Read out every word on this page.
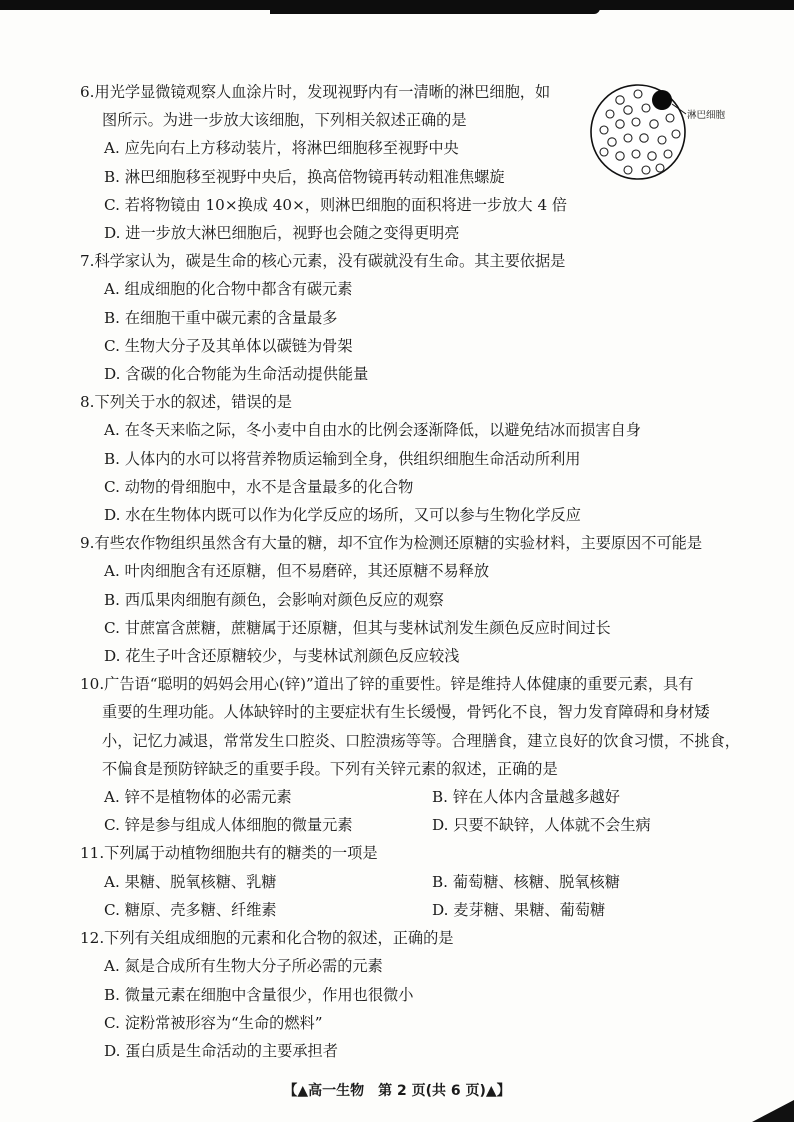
淋巴细胞
6. 用光学显微镜观察人血涂片时，发现视野内有一清晰的淋巴细胞，如
图所示。为进一步放大该细胞，下列相关叙述正确的是
A. 应先向右上方移动装片，将淋巴细胞移至视野中央
B. 淋巴细胞移至视野中央后，换高倍物镜再转动粗准焦螺旋
C. 若将物镜由 10×换成 40×，则淋巴细胞的面积将进一步放大 4 倍
D. 进一步放大淋巴细胞后，视野也会随之变得更明亮
7. 科学家认为，碳是生命的核心元素，没有碳就没有生命。其主要依据是
A. 组成细胞的化合物中都含有碳元素
B. 在细胞干重中碳元素的含量最多
C. 生物大分子及其单体以碳链为骨架
D. 含碳的化合物能为生命活动提供能量
8. 下列关于水的叙述，错误的是
A. 在冬天来临之际，冬小麦中自由水的比例会逐渐降低，以避免结冰而损害自身
B. 人体内的水可以将营养物质运输到全身，供组织细胞生命活动所利用
C. 动物的骨细胞中，水不是含量最多的化合物
D. 水在生物体内既可以作为化学反应的场所，又可以参与生物化学反应
9. 有些农作物组织虽然含有大量的糖，却不宜作为检测还原糖的实验材料，主要原因不可能是
A. 叶肉细胞含有还原糖，但不易磨碎，其还原糖不易释放
B. 西瓜果肉细胞有颜色，会影响对颜色反应的观察
C. 甘蔗富含蔗糖，蔗糖属于还原糖，但其与斐林试剂发生颜色反应时间过长
D. 花生子叶含还原糖较少，与斐林试剂颜色反应较浅
10. 广告语“聪明的妈妈会用心(锌)”道出了锌的重要性。锌是维持人体健康的重要元素，具有
重要的生理功能。人体缺锌时的主要症状有生长缓慢，骨钙化不良，智力发育障碍和身材矮
小，记忆力减退，常常发生口腔炎、口腔溃疡等等。合理膳食，建立良好的饮食习惯，不挑食，
不偏食是预防锌缺乏的重要手段。下列有关锌元素的叙述，正确的是
A. 锌不是植物体的必需元素	B. 锌在人体内含量越多越好
C. 锌是参与组成人体细胞的微量元素	D. 只要不缺锌，人体就不会生病
11. 下列属于动植物细胞共有的糖类的一项是
A. 果糖、脱氧核糖、乳糖	B. 葡萄糖、核糖、脱氧核糖
C. 糖原、壳多糖、纤维素	D. 麦芽糖、果糖、葡萄糖
12. 下列有关组成细胞的元素和化合物的叙述，正确的是
A. 氮是合成所有生物大分子所必需的元素
B. 微量元素在细胞中含量很少，作用也很微小
C. 淀粉常被形容为“生命的燃料”
D. 蛋白质是生命活动的主要承担者
【▲高一生物　第 2 页(共 6 页)▲】
